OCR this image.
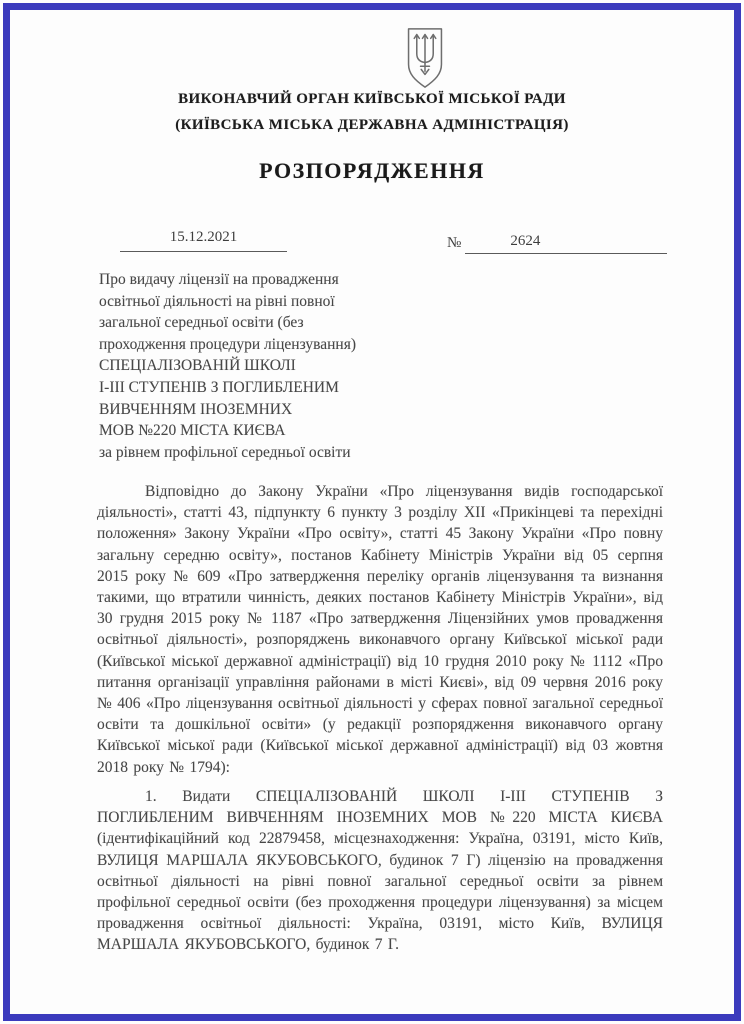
ВИКОНАВЧИЙ ОРГАН КИЇВСЬКОЇ МІСЬКОЇ РАДИ
(КИЇВСЬКА МІСЬКА ДЕРЖАВНА АДМІНІСТРАЦІЯ)
РОЗПОРЯДЖЕННЯ
15.12.2021	№	2624
Про видачу ліцензії на провадження
освітньої діяльності на рівні повної
загальної середньої освіти (без
проходження процедури ліцензування)
СПЕЦІАЛІЗОВАНІЙ ШКОЛІ
І-ІІІ СТУПЕНІВ З ПОГЛИБЛЕНИМ
ВИВЧЕННЯМ ІНОЗЕМНИХ
МОВ №220 МІСТА КИЄВА
за рівнем профільної середньої освіти
Відповідно до Закону України «Про ліцензування видів господарської діяльності», статті 43, підпункту 6 пункту 3 розділу ХІІ «Прикінцеві та перехідні положення» Закону України «Про освіту», статті 45 Закону України «Про повну загальну середню освіту», постанов Кабінету Міністрів України від 05 серпня 2015 року № 609 «Про затвердження переліку органів ліцензування та визнання такими, що втратили чинність, деяких постанов Кабінету Міністрів України», від 30 грудня 2015 року № 1187 «Про затвердження Ліцензійних умов провадження освітньої діяльності», розпоряджень виконавчого органу Київської міської ради (Київської міської державної адміністрації) від 10 грудня 2010 року № 1112 «Про питання організації управління районами в місті Києві», від 09 червня 2016 року № 406 «Про ліцензування освітньої діяльності у сферах повної загальної середньої освіти та дошкільної освіти» (у редакції розпорядження виконавчого органу Київської міської ради (Київської міської державної адміністрації) від 03 жовтня 2018 року № 1794):
1. Видати СПЕЦІАЛІЗОВАНІЙ ШКОЛІ І-ІІІ СТУПЕНІВ З ПОГЛИБЛЕНИМ ВИВЧЕННЯМ ІНОЗЕМНИХ МОВ №220 МІСТА КИЄВА (ідентифікаційний код 22879458, місцезнаходження: Україна, 03191, місто Київ, ВУЛИЦЯ МАРШАЛА ЯКУБОВСЬКОГО, будинок 7 Г) ліцензію на провадження освітньої діяльності на рівні повної загальної середньої освіти за рівнем профільної середньої освіти (без проходження процедури ліцензування) за місцем провадження освітньої діяльності: Україна, 03191, місто Київ, ВУЛИЦЯ МАРШАЛА ЯКУБОВСЬКОГО, будинок 7 Г.
